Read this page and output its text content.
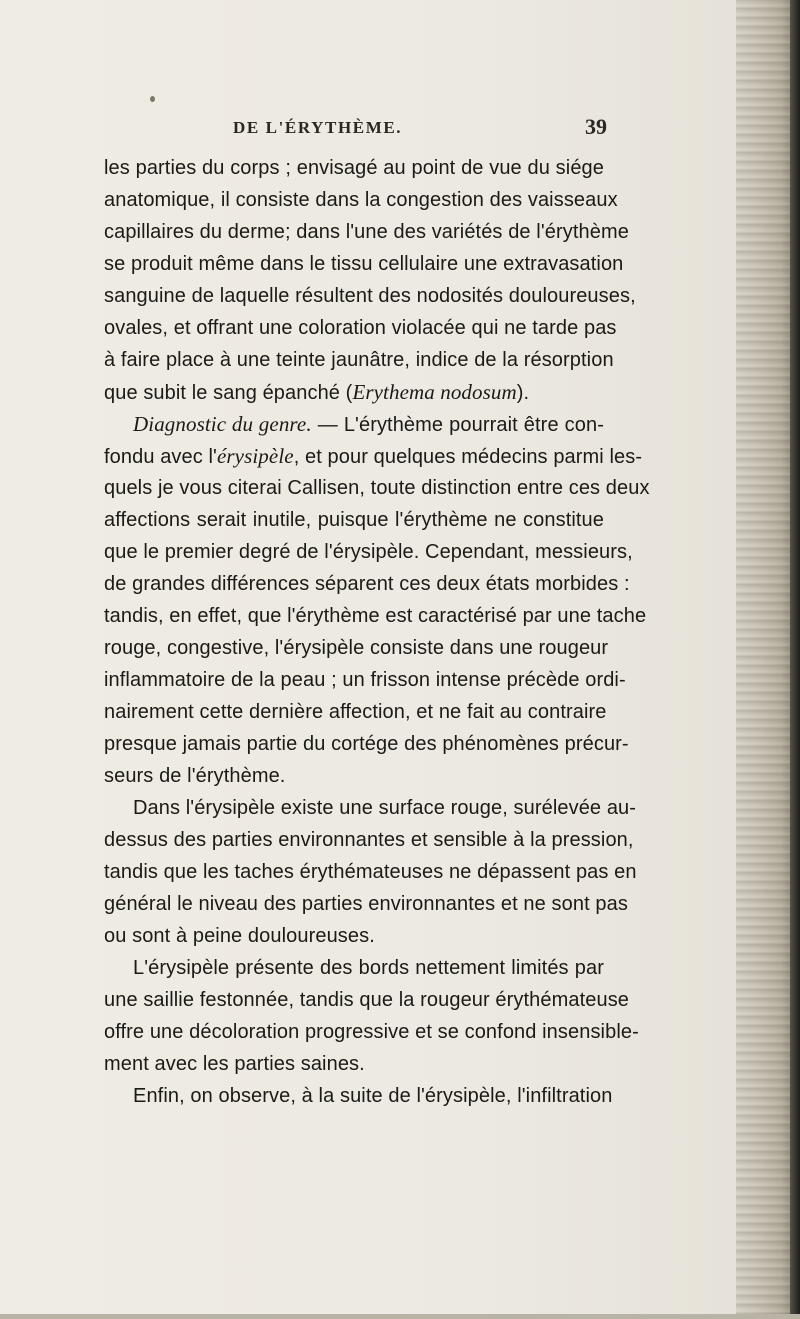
DE L'ÉRYTHÈME.	39
les parties du corps ; envisagé au point de vue du siége
anatomique, il consiste dans la congestion des vaisseaux
capillaires du derme; dans l'une des variétés de l'érythème
se produit même dans le tissu cellulaire une extravasation
sanguine de laquelle résultent des nodosités douloureuses,
ovales, et offrant une coloration violacée qui ne tarde pas
à faire place à une teinte jaunâtre, indice de la résorption
que subit le sang épanché (Erythema nodosum).
Diagnostic du genre. — L'érythème pourrait être con-
fondu avec l'érysipèle, et pour quelques médecins parmi les-
quels je vous citerai Callisen, toute distinction entre ces deux
affections serait inutile, puisque l'érythème ne constitue
que le premier degré de l'érysipèle. Cependant, messieurs,
de grandes différences séparent ces deux états morbides :
tandis, en effet, que l'érythème est caractérisé par une tache
rouge, congestive, l'érysipèle consiste dans une rougeur
inflammatoire de la peau ; un frisson intense précède ordi-
nairement cette dernière affection, et ne fait au contraire
presque jamais partie du cortége des phénomènes précur-
seurs de l'érythème.
Dans l'érysipèle existe une surface rouge, surélevée au-
dessus des parties environnantes et sensible à la pression,
tandis que les taches érythémateuses ne dépassent pas en
général le niveau des parties environnantes et ne sont pas
ou sont à peine douloureuses.
L'érysipèle présente des bords nettement limités par
une saillie festonnée, tandis que la rougeur érythémateuse
offre une décoloration progressive et se confond insensible-
ment avec les parties saines.
Enfin, on observe, à la suite de l'érysipèle, l'infiltration
